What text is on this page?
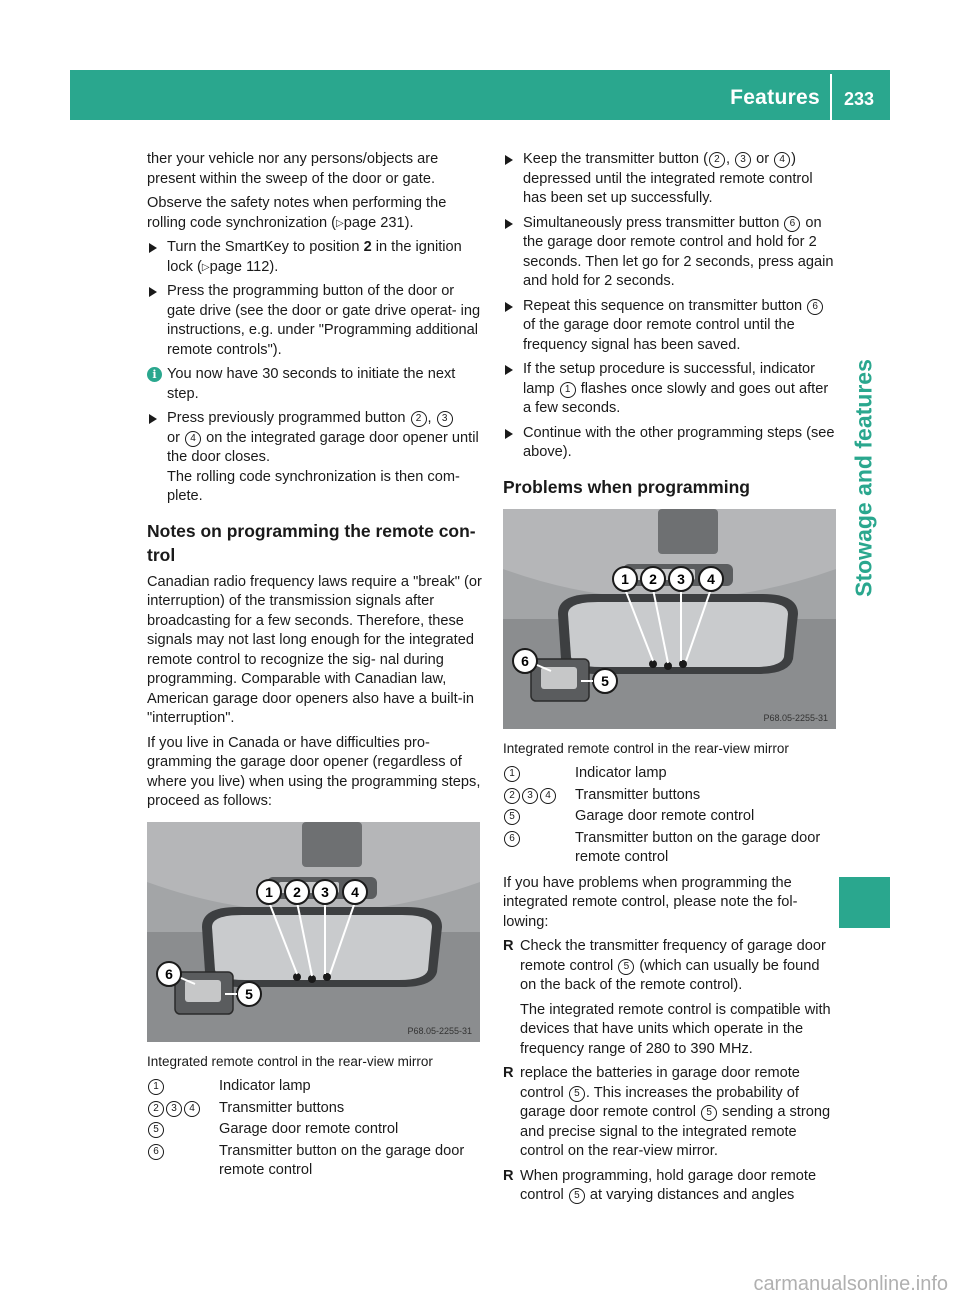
Features 233
Stowage and features

ther your vehicle nor any persons/objects are present within the sweep of the door or gate.

Observe the safety notes when performing the rolling code synchronization (▷page 231).

Turn the SmartKey to position 2 in the ignition lock (▷page 112).
Press the programming button of the door or gate drive (see the door or gate drive operat- ing instructions, e.g. under "Programming additional remote controls").
i You now have 30 seconds to initiate the next step.
Press previously programmed button 2 , 3
or 4 on the integrated garage door opener until the door closes.
The rolling code synchronization is then com- plete.
Notes on programming the remote con- trol

Canadian radio frequency laws require a "break" (or interruption) of the transmission signals after broadcasting for a few seconds. Therefore, these signals may not last long enough for the integrated remote control to recognize the sig- nal during programming. Comparable with Canadian law, American garage door openers also have a built-in "interruption".

If you live in Canada or have difficulties pro- gramming the garage door opener (regardless of where you live) when using the programming steps, proceed as follows:

1 2 3 4
6
5
P68.05-2255-31
Integrated remote control in the rear-view mirror
1	Indicator lamp
2 3 4	Transmitter buttons
5	Garage door remote control
6	Transmitter button on the garage door remote control
Keep the transmitter button ( 2 , 3 or 4 ) depressed until the integrated remote control has been set up successfully.
Simultaneously press transmitter button 6 on the garage door remote control and hold for 2 seconds. Then let go for 2 seconds, press again and hold for 2 seconds.
Repeat this sequence on transmitter button 6 of the garage door remote control until the frequency signal has been saved.
If the setup procedure is successful, indicator lamp 1 flashes once slowly and goes out after a few seconds.
Continue with the other programming steps (see above).
Problems when programming
1 2 3 4
6
5
P68.05-2255-31
Integrated remote control in the rear-view mirror
1	Indicator lamp
2 3 4	Transmitter buttons
5	Garage door remote control
6	Transmitter button on the garage door remote control

If you have problems when programming the integrated remote control, please note the fol- lowing:

R Check the transmitter frequency of garage door remote control 5 (which can usually be found on the back of the remote control).
The integrated remote control is compatible with devices that have units which operate in the frequency range of 280 to 390 MHz.
R replace the batteries in garage door remote control 5 . This increases the probability of garage door remote control 5 sending a strong and precise signal to the integrated remote control on the rear-view mirror.
R When programming, hold garage door remote control 5 at varying distances and angles
carmanualsonline.info
